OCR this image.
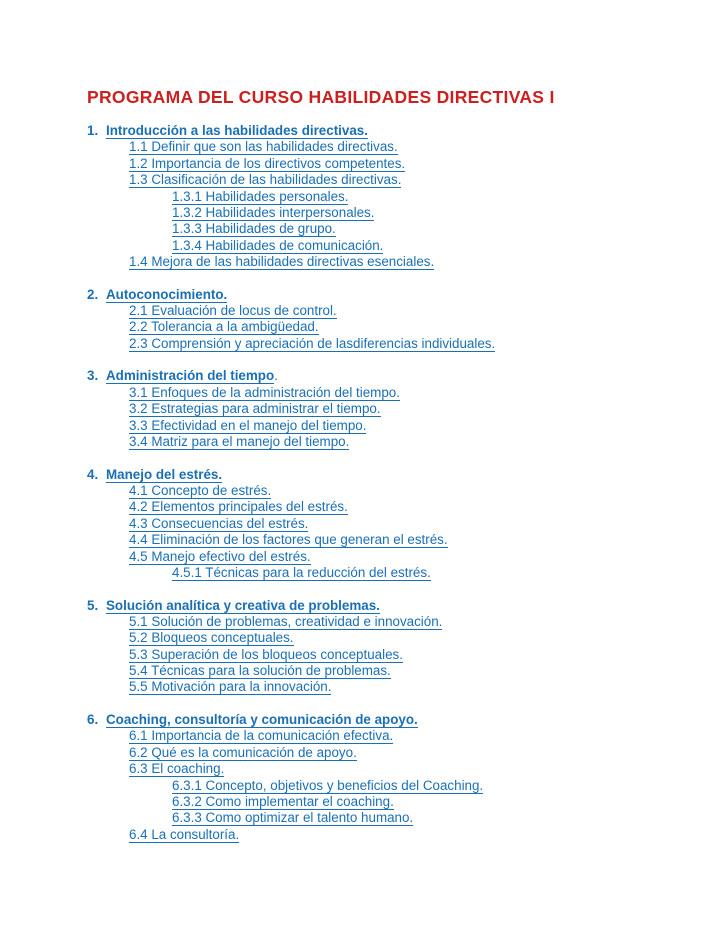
PROGRAMA DEL CURSO HABILIDADES DIRECTIVAS I
1. Introducción a las habilidades directivas.
1.1 Definir que son las habilidades directivas.
1.2 Importancia de los directivos competentes.
1.3 Clasificación de las habilidades directivas.
1.3.1 Habilidades personales.
1.3.2 Habilidades interpersonales.
1.3.3 Habilidades de grupo.
1.3.4 Habilidades de comunicación.
1.4 Mejora de las habilidades directivas esenciales.
2. Autoconocimiento.
2.1 Evaluación de locus de control.
2.2 Tolerancia a la ambigüedad.
2.3 Comprensión y apreciación de lasdiferencias individuales.
3. Administración del tiempo.
3.1 Enfoques de la administración del tiempo.
3.2 Estrategias para administrar el tiempo.
3.3 Efectividad en el manejo del tiempo.
3.4 Matriz para el manejo del tiempo.
4. Manejo del estrés.
4.1 Concepto de estrés.
4.2 Elementos principales del estrés.
4.3 Consecuencias del estrés.
4.4 Eliminación de los factores que generan el estrés.
4.5 Manejo efectivo del estrés.
4.5.1 Técnicas para la reducción del estrés.
5. Solución analítica y creativa de problemas.
5.1 Solución de problemas, creatividad e innovación.
5.2 Bloqueos conceptuales.
5.3 Superación de los bloqueos conceptuales.
5.4 Técnicas para la solución de problemas.
5.5 Motivación para la innovación.
6. Coaching, consultoría y comunicación de apoyo.
6.1 Importancia de la comunicación efectiva.
6.2 Qué es la comunicación de apoyo.
6.3 El coaching.
6.3.1 Concepto, objetivos y beneficios del Coaching.
6.3.2 Como implementar el coaching.
6.3.3 Como optimizar el talento humano.
6.4 La consultoría.
